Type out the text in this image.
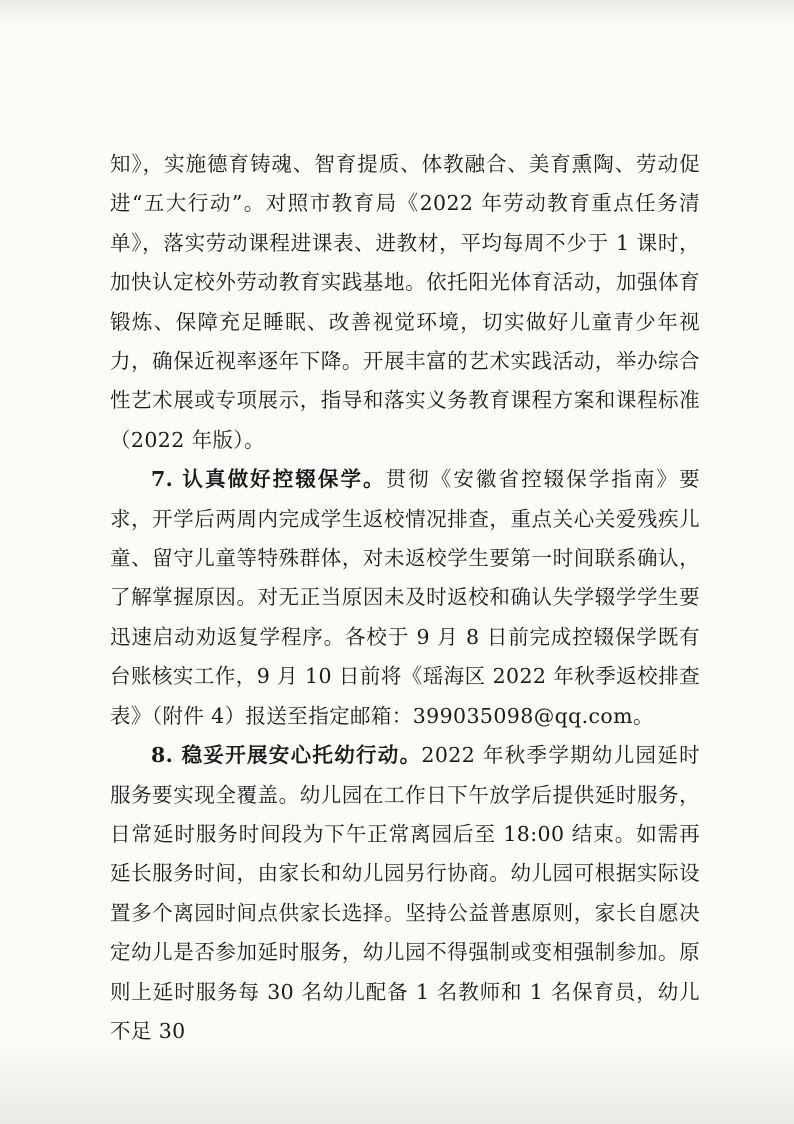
知》，实施德育铸魂、智育提质、体教融合、美育熏陶、劳动促进“五大行动”。对照市教育局《2022 年劳动教育重点任务清单》，落实劳动课程进课表、进教材，平均每周不少于 1 课时，加快认定校外劳动教育实践基地。依托阳光体育活动，加强体育锻炼、保障充足睡眠、改善视觉环境，切实做好儿童青少年视力，确保近视率逐年下降。开展丰富的艺术实践活动，举办综合性艺术展或专项展示，指导和落实义务教育课程方案和课程标准（2022 年版）。

7. 认真做好控辍保学。贯彻《安徽省控辍保学指南》要求，开学后两周内完成学生返校情况排查，重点关心关爱残疾儿童、留守儿童等特殊群体，对未返校学生要第一时间联系确认，了解掌握原因。对无正当原因未及时返校和确认失学辍学学生要迅速启动劝返复学程序。各校于 9 月 8 日前完成控辍保学既有台账核实工作，9 月 10 日前将《瑶海区 2022 年秋季返校排查表》（附件 4）报送至指定邮箱：399035098@qq.com。

8. 稳妥开展安心托幼行动。2022 年秋季学期幼儿园延时服务要实现全覆盖。幼儿园在工作日下午放学后提供延时服务，日常延时服务时间段为下午正常离园后至 18:00 结束。如需再延长服务时间，由家长和幼儿园另行协商。幼儿园可根据实际设置多个离园时间点供家长选择。坚持公益普惠原则，家长自愿决定幼儿是否参加延时服务，幼儿园不得强制或变相强制参加。原则上延时服务每 30 名幼儿配备 1 名教师和 1 名保育员，幼儿不足 30
